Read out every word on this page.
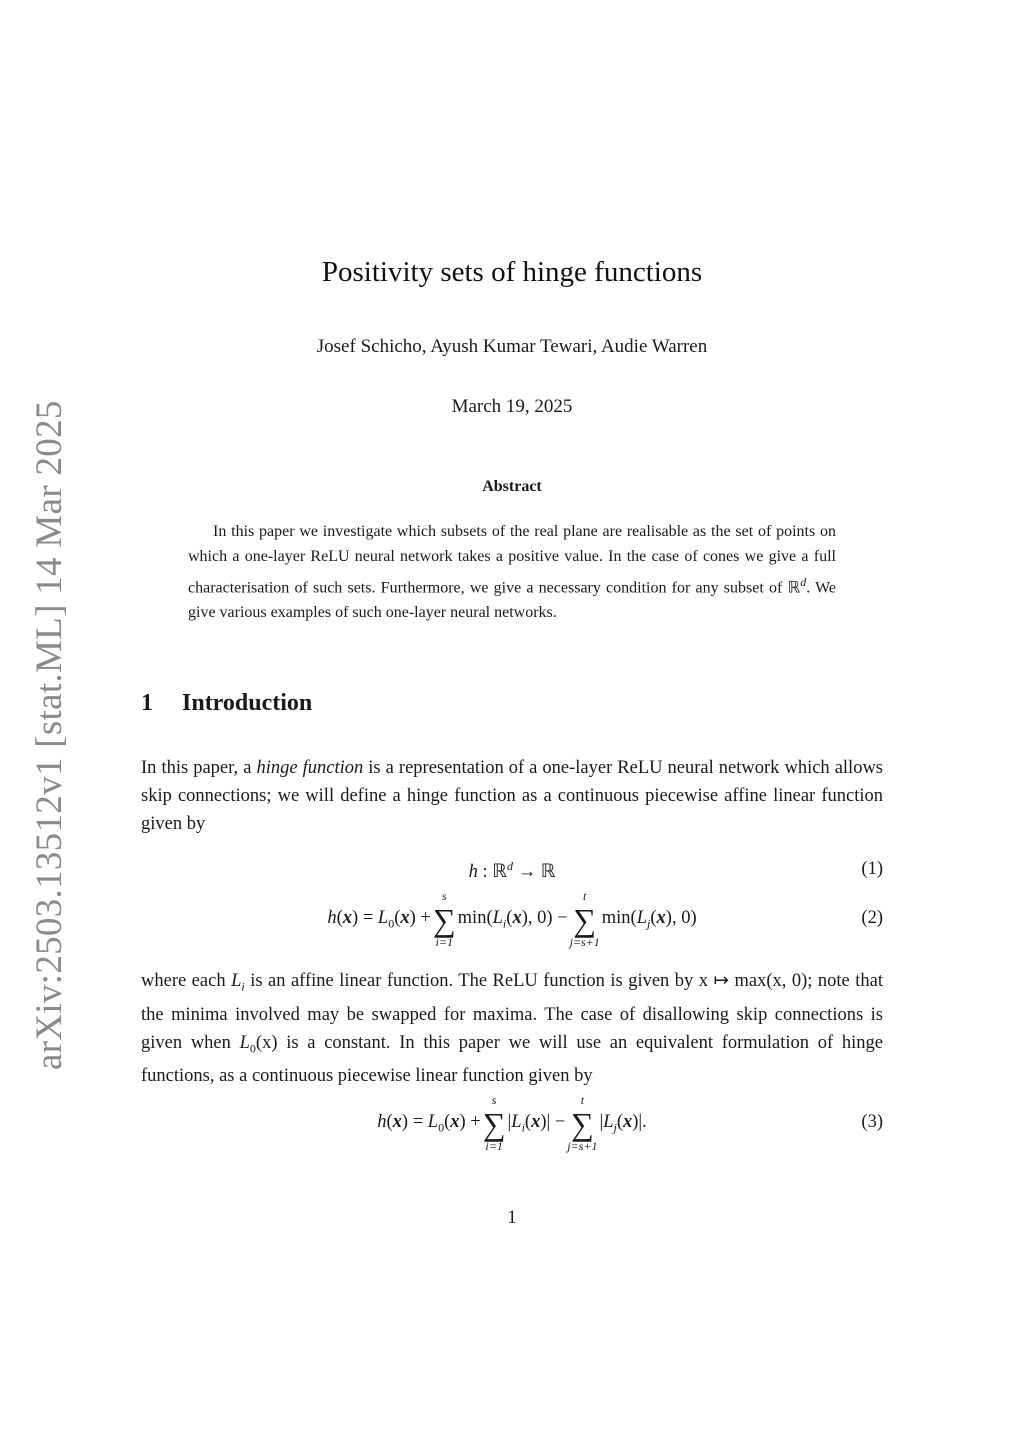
arXiv:2503.13512v1 [stat.ML] 14 Mar 2025
Positivity sets of hinge functions
Josef Schicho, Ayush Kumar Tewari, Audie Warren
March 19, 2025
Abstract

In this paper we investigate which subsets of the real plane are realisable as the set of points on which a one-layer ReLU neural network takes a positive value. In the case of cones we give a full characterisation of such sets. Furthermore, we give a necessary condition for any subset of ℝ$^d$. We give various examples of such one-layer neural networks.

1 Introduction

In this paper, a hinge function is a representation of a one-layer ReLU neural network which allows skip connections; we will define a hinge function as a continuous piecewise affine linear function given by

h : ℝ$^d$ → ℝ	(1)
$h(x) = L_0(x)$ +
s
∑
i=1
$\min(L_i(x)$, 0) −
t
∑
j=s+1
$\min(L_j(x)$, 0)	(2)

where each $L_i$ is an affine linear function. The ReLU function is given by x ↦ max(x, 0); note that the minima involved may be swapped for maxima. The case of disallowing skip connections is given when $L_0(x)$ is a constant. In this paper we will use an equivalent formulation of hinge functions, as a continuous piecewise linear function given by

$h(x) = L_0(x)$ +
s
∑
i=1
$|L_i(x)|$ −
t
∑
j=s+1
$|L_j(x)|$.	(3)
1
